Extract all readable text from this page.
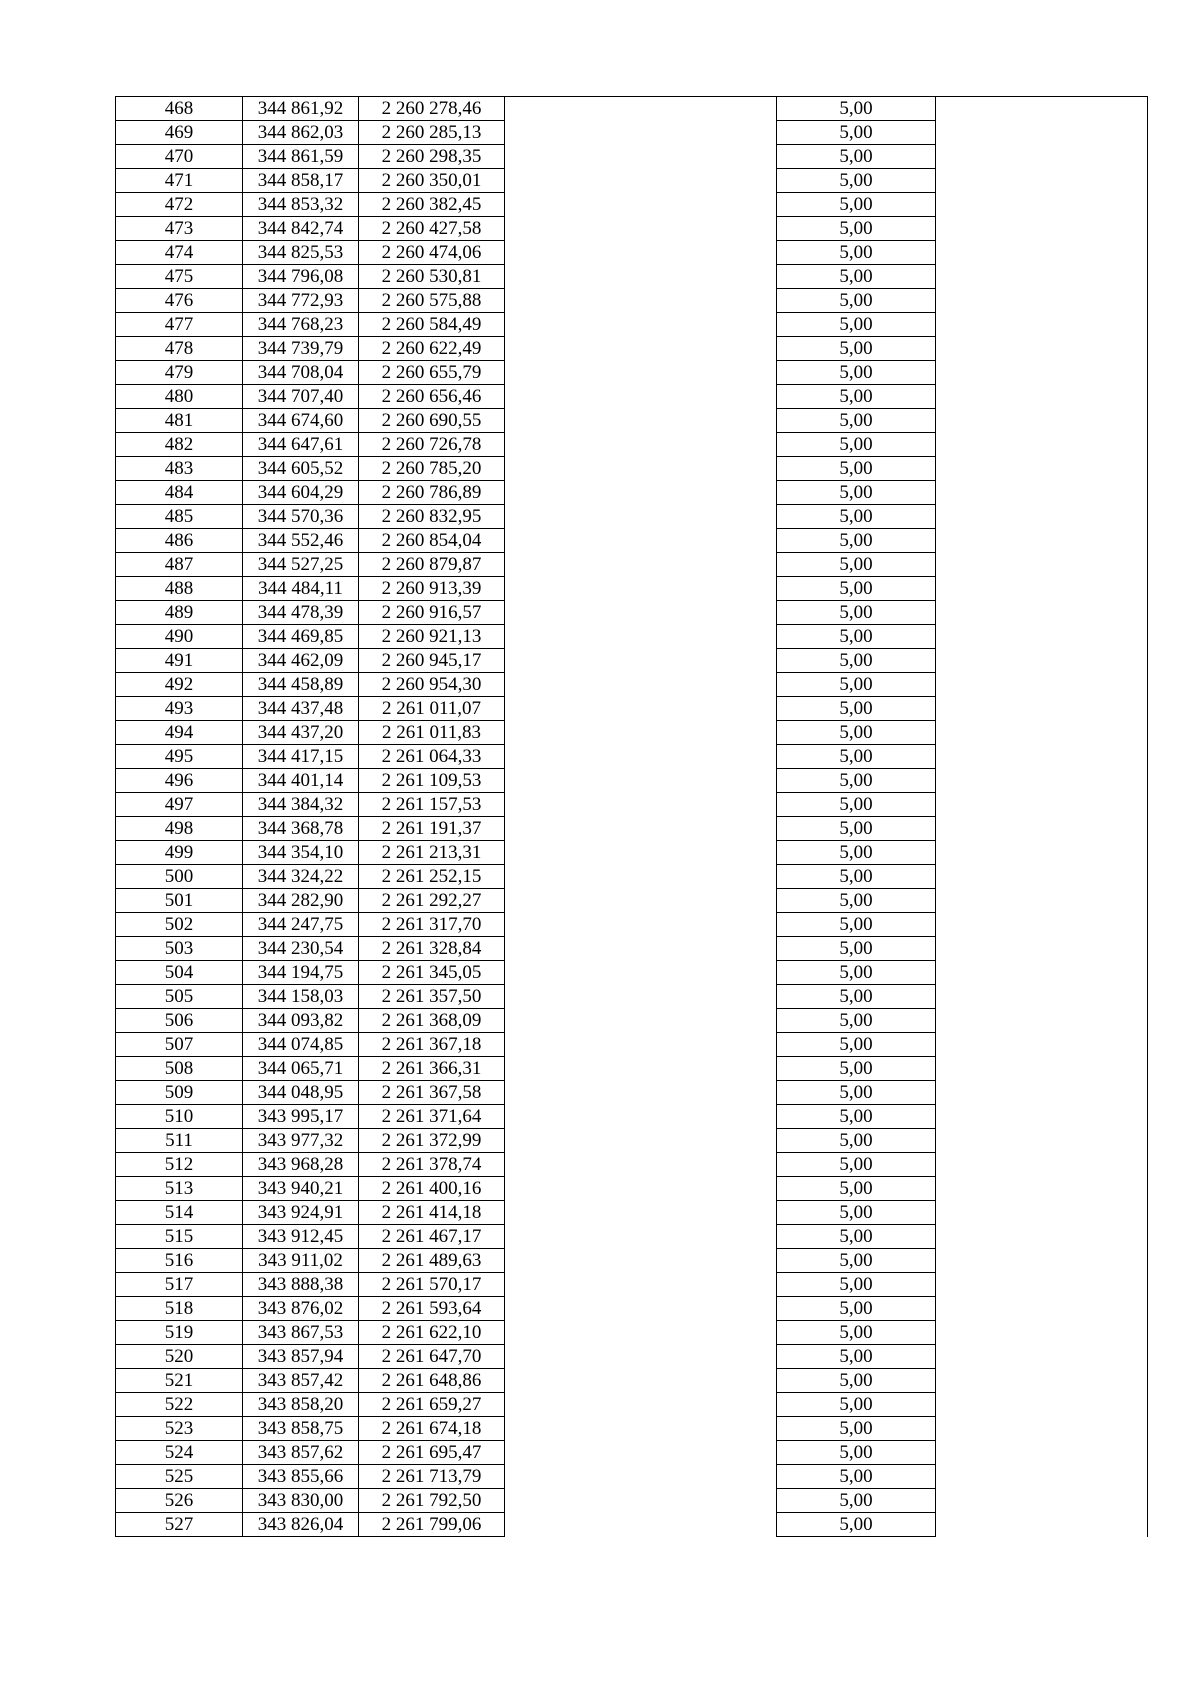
468	344 861,92	2 260 278,46		5,00	
469	344 862,03	2 260 285,13		5,00	
470	344 861,59	2 260 298,35		5,00	
471	344 858,17	2 260 350,01		5,00	
472	344 853,32	2 260 382,45		5,00	
473	344 842,74	2 260 427,58		5,00	
474	344 825,53	2 260 474,06		5,00	
475	344 796,08	2 260 530,81		5,00	
476	344 772,93	2 260 575,88		5,00	
477	344 768,23	2 260 584,49		5,00	
478	344 739,79	2 260 622,49		5,00	
479	344 708,04	2 260 655,79		5,00	
480	344 707,40	2 260 656,46		5,00	
481	344 674,60	2 260 690,55		5,00	
482	344 647,61	2 260 726,78		5,00	
483	344 605,52	2 260 785,20		5,00	
484	344 604,29	2 260 786,89		5,00	
485	344 570,36	2 260 832,95		5,00	
486	344 552,46	2 260 854,04		5,00	
487	344 527,25	2 260 879,87		5,00	
488	344 484,11	2 260 913,39		5,00	
489	344 478,39	2 260 916,57		5,00	
490	344 469,85	2 260 921,13		5,00	
491	344 462,09	2 260 945,17		5,00	
492	344 458,89	2 260 954,30		5,00	
493	344 437,48	2 261 011,07		5,00	
494	344 437,20	2 261 011,83		5,00	
495	344 417,15	2 261 064,33		5,00	
496	344 401,14	2 261 109,53		5,00	
497	344 384,32	2 261 157,53		5,00	
498	344 368,78	2 261 191,37		5,00	
499	344 354,10	2 261 213,31		5,00	
500	344 324,22	2 261 252,15		5,00	
501	344 282,90	2 261 292,27		5,00	
502	344 247,75	2 261 317,70		5,00	
503	344 230,54	2 261 328,84		5,00	
504	344 194,75	2 261 345,05		5,00	
505	344 158,03	2 261 357,50		5,00	
506	344 093,82	2 261 368,09		5,00	
507	344 074,85	2 261 367,18		5,00	
508	344 065,71	2 261 366,31		5,00	
509	344 048,95	2 261 367,58		5,00	
510	343 995,17	2 261 371,64		5,00	
511	343 977,32	2 261 372,99		5,00	
512	343 968,28	2 261 378,74		5,00	
513	343 940,21	2 261 400,16		5,00	
514	343 924,91	2 261 414,18		5,00	
515	343 912,45	2 261 467,17		5,00	
516	343 911,02	2 261 489,63		5,00	
517	343 888,38	2 261 570,17		5,00	
518	343 876,02	2 261 593,64		5,00	
519	343 867,53	2 261 622,10		5,00	
520	343 857,94	2 261 647,70		5,00	
521	343 857,42	2 261 648,86		5,00	
522	343 858,20	2 261 659,27		5,00	
523	343 858,75	2 261 674,18		5,00	
524	343 857,62	2 261 695,47		5,00	
525	343 855,66	2 261 713,79		5,00	
526	343 830,00	2 261 792,50		5,00	
527	343 826,04	2 261 799,06		5,00	
